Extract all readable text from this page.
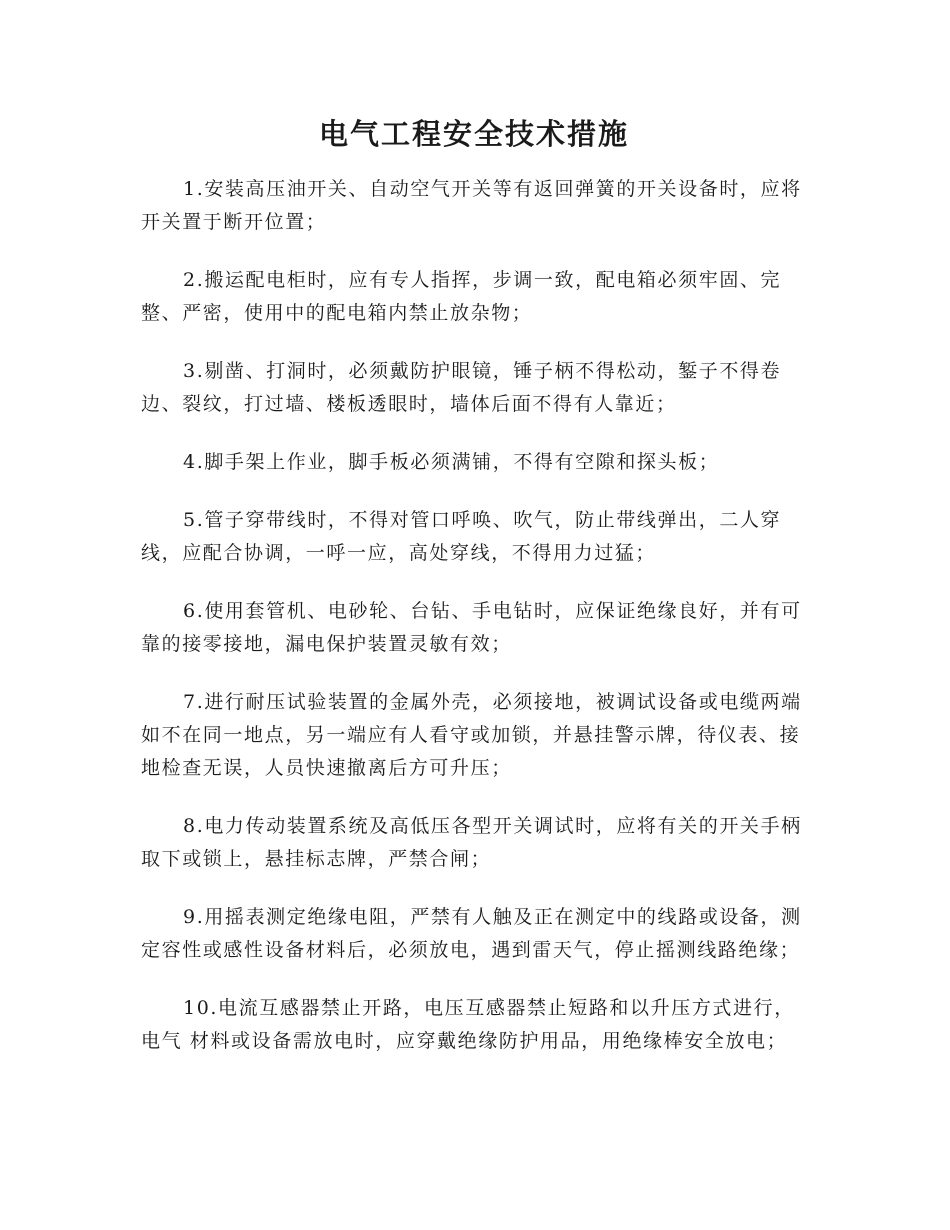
电气工程安全技术措施

1.安装高压油开关、自动空气开关等有返回弹簧的开关设备时，应将开关置于断开位置；

2.搬运配电柜时，应有专人指挥，步调一致，配电箱必须牢固、完整、严密，使用中的配电箱内禁止放杂物；

3.剔凿、打洞时，必须戴防护眼镜，锤子柄不得松动，錾子不得卷边、裂纹，打过墙、楼板透眼时，墙体后面不得有人靠近；

4.脚手架上作业，脚手板必须满铺，不得有空隙和探头板；

5.管子穿带线时，不得对管口呼唤、吹气，防止带线弹出，二人穿线，应配合协调，一呼一应，高处穿线，不得用力过猛；

6.使用套管机、电砂轮、台钻、手电钻时，应保证绝缘良好，并有可靠的接零接地，漏电保护装置灵敏有效；

7.进行耐压试验装置的金属外壳，必须接地，被调试设备或电缆两端如不在同一地点，另一端应有人看守或加锁，并悬挂警示牌，待仪表、接地检查无误，人员快速撤离后方可升压；

8.电力传动装置系统及高低压各型开关调试时，应将有关的开关手柄取下或锁上，悬挂标志牌，严禁合闸；

9.用摇表测定绝缘电阻，严禁有人触及正在测定中的线路或设备，测定容性或感性设备材料后，必须放电，遇到雷天气，停止摇测线路绝缘；

10.电流互感器禁止开路，电压互感器禁止短路和以升压方式进行，电气 材料或设备需放电时，应穿戴绝缘防护用品，用绝缘棒安全放电；
